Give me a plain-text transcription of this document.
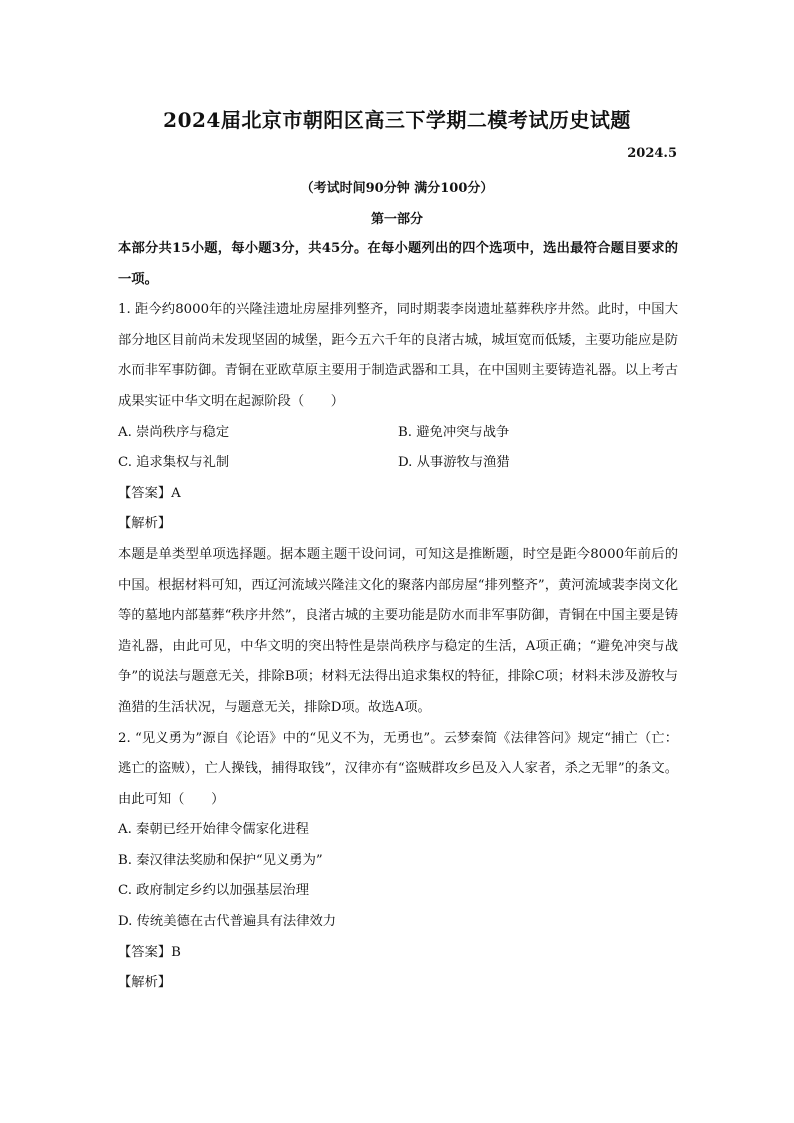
2024届北京市朝阳区高三下学期二模考试历史试题
2024.5
（考试时间90分钟 满分100分）
第一部分

本部分共15小题，每小题3分，共45分。在每小题列出的四个选项中，选出最符合题目要求的一项。

1. 距今约8000年的兴隆洼遗址房屋排列整齐，同时期裴李岗遗址墓葬秩序井然。此时，中国大部分地区目前尚未发现坚固的城堡，距今五六千年的良渚古城，城垣宽而低矮，主要功能应是防水而非军事防御。青铜在亚欧草原主要用于制造武器和工具，在中国则主要铸造礼器。以上考古成果实证中华文明在起源阶段（　　）

A. 崇尚秩序与稳定	B. 避免冲突与战争
C. 追求集权与礼制	D. 从事游牧与渔猎

【答案】A

【解析】

本题是单类型单项选择题。据本题主题干设问词，可知这是推断题，时空是距今8000年前后的中国。根据材料可知，西辽河流域兴隆洼文化的聚落内部房屋“排列整齐”，黄河流域裴李岗文化等的墓地内部墓葬“秩序井然”，良渚古城的主要功能是防水而非军事防御，青铜在中国主要是铸造礼器，由此可见，中华文明的突出特性是崇尚秩序与稳定的生活，A项正确；“避免冲突与战争”的说法与题意无关，排除B项；材料无法得出追求集权的特征，排除C项；材料未涉及游牧与渔猎的生活状况，与题意无关，排除D项。故选A项。

2. “见义勇为”源自《论语》中的“见义不为，无勇也”。云梦秦简《法律答问》规定“捕亡（亡：逃亡的盗贼），亡人操钱，捕得取钱”，汉律亦有“盗贼群攻乡邑及入人家者，杀之无罪”的条文。由此可知（　　）

A. 秦朝已经开始律令儒家化进程

B. 秦汉律法奖励和保护“见义勇为”

C. 政府制定乡约以加强基层治理

D. 传统美德在古代普遍具有法律效力

【答案】B

【解析】
